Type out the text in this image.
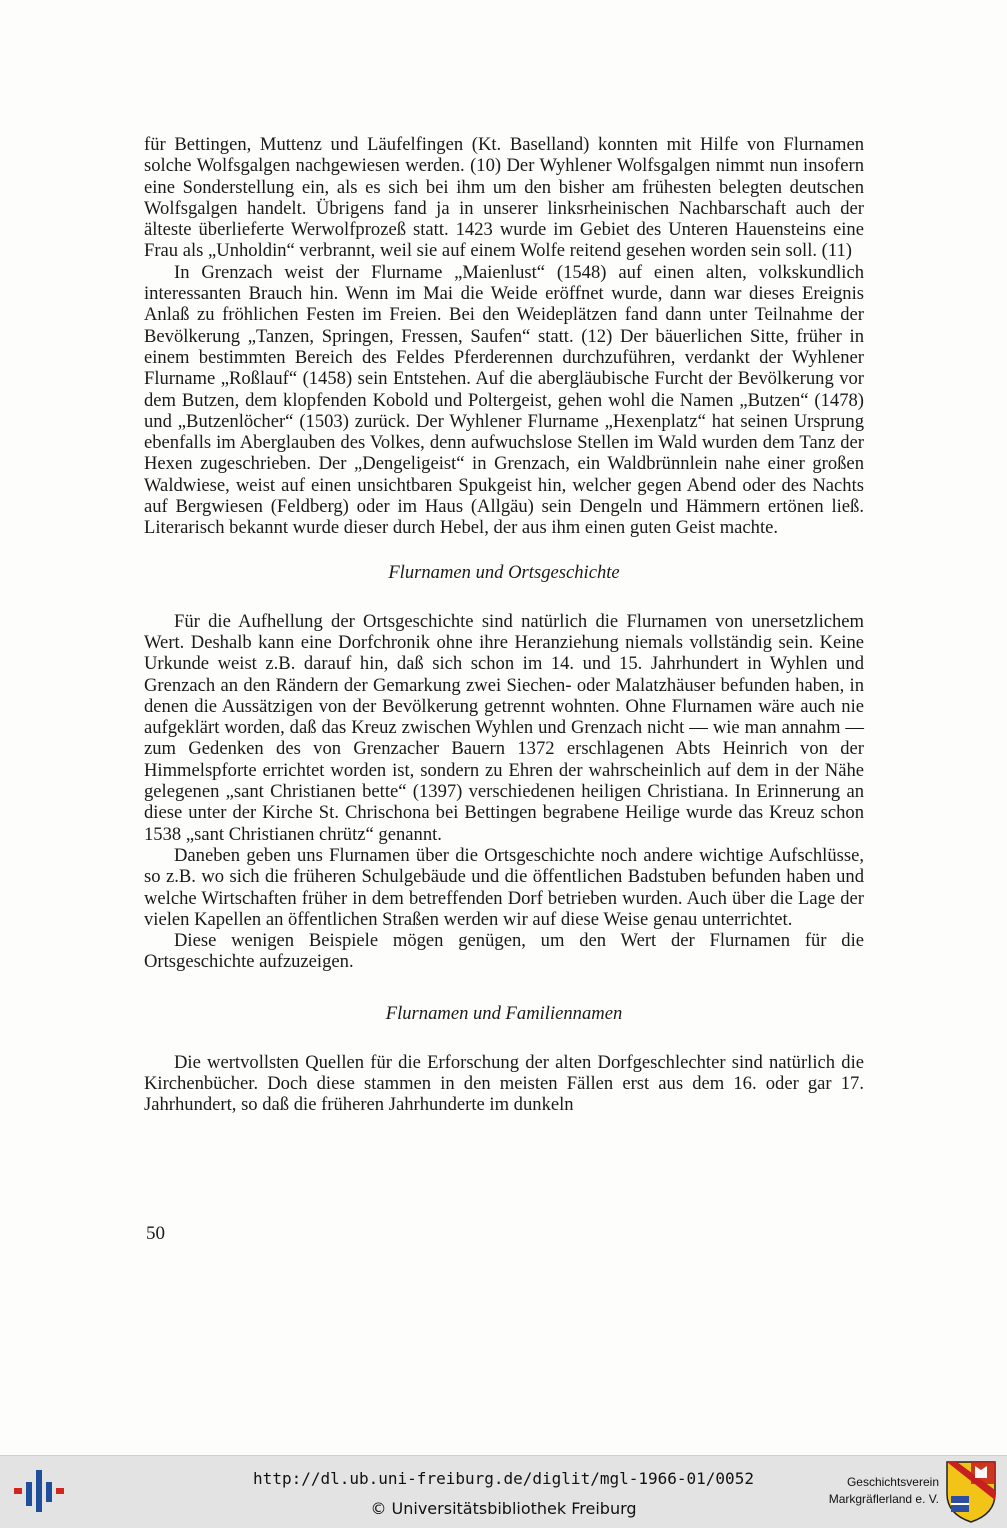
für Bettingen, Muttenz und Läufelfingen (Kt. Baselland) konnten mit Hilfe von Flurnamen solche Wolfsgalgen nachgewiesen werden. (10) Der Wyhlener Wolfsgalgen nimmt nun insofern eine Sonderstellung ein, als es sich bei ihm um den bisher am frühesten belegten deutschen Wolfsgalgen handelt. Übrigens fand ja in unserer linksrheinischen Nachbarschaft auch der älteste überlieferte Werwolfprozeß statt. 1423 wurde im Gebiet des Unteren Hauensteins eine Frau als „Unholdin“ verbrannt, weil sie auf einem Wolfe reitend gesehen worden sein soll. (11)

In Grenzach weist der Flurname „Maienlust“ (1548) auf einen alten, volkskundlich interessanten Brauch hin. Wenn im Mai die Weide eröffnet wurde, dann war dieses Ereignis Anlaß zu fröhlichen Festen im Freien. Bei den Weideplätzen fand dann unter Teilnahme der Bevölkerung „Tanzen, Springen, Fressen, Saufen“ statt. (12) Der bäuerlichen Sitte, früher in einem bestimmten Bereich des Feldes Pferderennen durchzuführen, verdankt der Wyhlener Flurname „Roßlauf“ (1458) sein Entstehen. Auf die abergläubische Furcht der Bevölkerung vor dem Butzen, dem klopfenden Kobold und Poltergeist, gehen wohl die Namen „Butzen“ (1478) und „Butzenlöcher“ (1503) zurück. Der Wyhlener Flurname „Hexenplatz“ hat seinen Ursprung ebenfalls im Aberglauben des Volkes, denn aufwuchslose Stellen im Wald wurden dem Tanz der Hexen zugeschrieben. Der „Dengeligeist“ in Grenzach, ein Waldbrünnlein nahe einer großen Waldwiese, weist auf einen unsichtbaren Spukgeist hin, welcher gegen Abend oder des Nachts auf Bergwiesen (Feldberg) oder im Haus (Allgäu) sein Dengeln und Hämmern ertönen ließ. Literarisch bekannt wurde dieser durch Hebel, der aus ihm einen guten Geist machte.

Flurnamen und Ortsgeschichte

Für die Aufhellung der Ortsgeschichte sind natürlich die Flurnamen von unersetzlichem Wert. Deshalb kann eine Dorfchronik ohne ihre Heranziehung niemals vollständig sein. Keine Urkunde weist z.B. darauf hin, daß sich schon im 14. und 15. Jahrhundert in Wyhlen und Grenzach an den Rändern der Gemarkung zwei Siechen- oder Malatzhäuser befunden haben, in denen die Aussätzigen von der Bevölkerung getrennt wohnten. Ohne Flurnamen wäre auch nie aufgeklärt worden, daß das Kreuz zwischen Wyhlen und Grenzach nicht — wie man annahm — zum Gedenken des von Grenzacher Bauern 1372 erschlagenen Abts Heinrich von der Himmelspforte errichtet worden ist, sondern zu Ehren der wahrscheinlich auf dem in der Nähe gelegenen „sant Christianen bette“ (1397) verschiedenen heiligen Christiana. In Erinnerung an diese unter der Kirche St. Chrischona bei Bettingen begrabene Heilige wurde das Kreuz schon 1538 „sant Christianen chrütz“ genannt.

Daneben geben uns Flurnamen über die Ortsgeschichte noch andere wichtige Aufschlüsse, so z.B. wo sich die früheren Schulgebäude und die öffentlichen Badstuben befunden haben und welche Wirtschaften früher in dem betreffenden Dorf betrieben wurden. Auch über die Lage der vielen Kapellen an öffentlichen Straßen werden wir auf diese Weise genau unterrichtet.

Diese wenigen Beispiele mögen genügen, um den Wert der Flurnamen für die Ortsgeschichte aufzuzeigen.

Flurnamen und Familiennamen

Die wertvollsten Quellen für die Erforschung der alten Dorfgeschlechter sind natürlich die Kirchenbücher. Doch diese stammen in den meisten Fällen erst aus dem 16. oder gar 17. Jahrhundert, so daß die früheren Jahrhunderte im dunkeln

50
http://dl.ub.uni-freiburg.de/diglit/mgl-1966-01/0052
© Universitätsbibliothek Freiburg
Geschichtsverein
Markgräflerland e. V.
